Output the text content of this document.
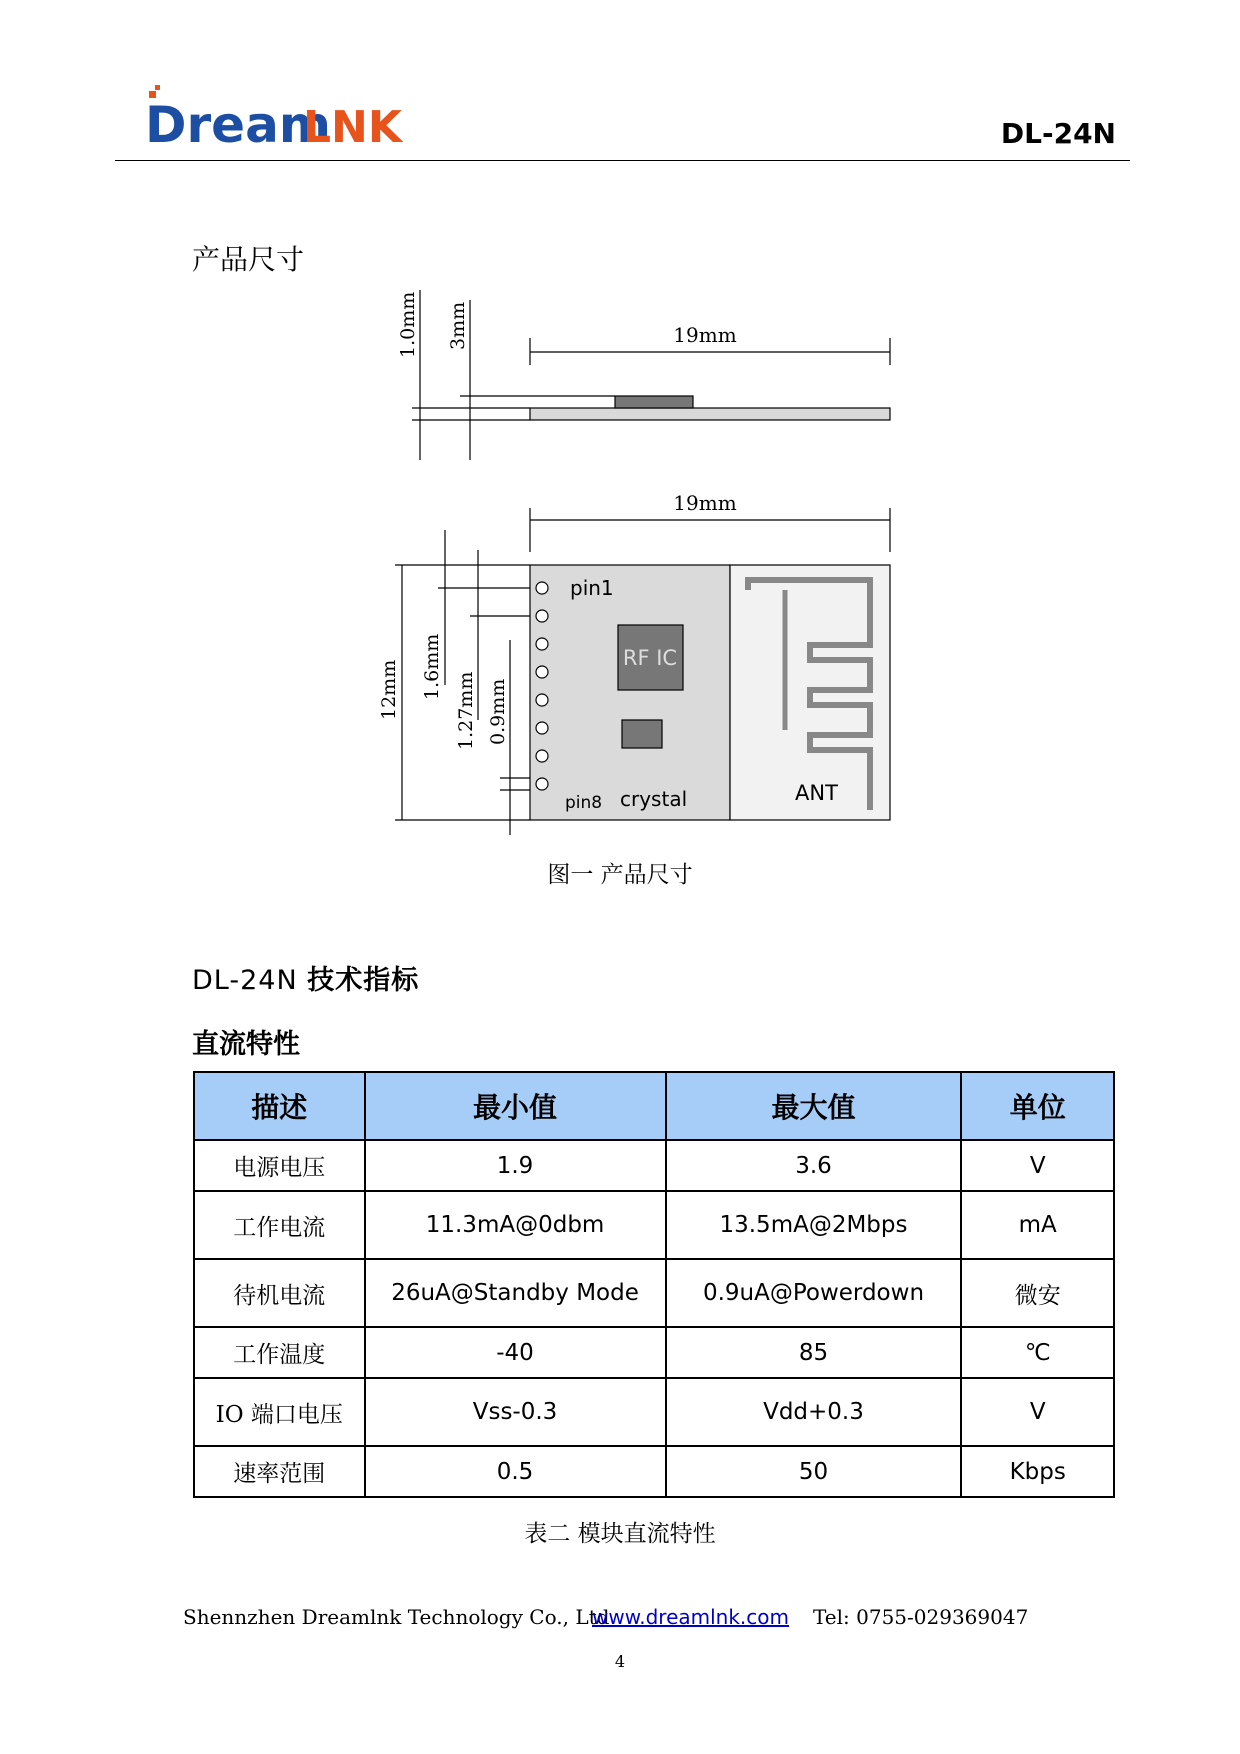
Dream
LNK	DL-24N
产品尺寸
19mm
1.0mm 3mm
19mm
12mm 1.6mm
1.27mm 0.9mm
pin1
pin8
RF IC
crystal	ANT
图一 产品尺寸
DL-24N 技术指标
直流特性
描述	最小值	最大值	单位
电源电压	1.9	3.6	V
工作电流	11.3mA@0dbm	13.5mA@2Mbps	mA
待机电流	26uA@Standby Mode	0.9uA@Powerdown	微安
工作温度	-40	85	℃
IO 端口电压	Vss-0.3	Vdd+0.3	V
速率范围	0.5	50	Kbps
表二 模块直流特性
Shennzhen Dreamlnk Technology Co., Ltd
www.dreamlnk.com Tel: 0755-029369047
4
